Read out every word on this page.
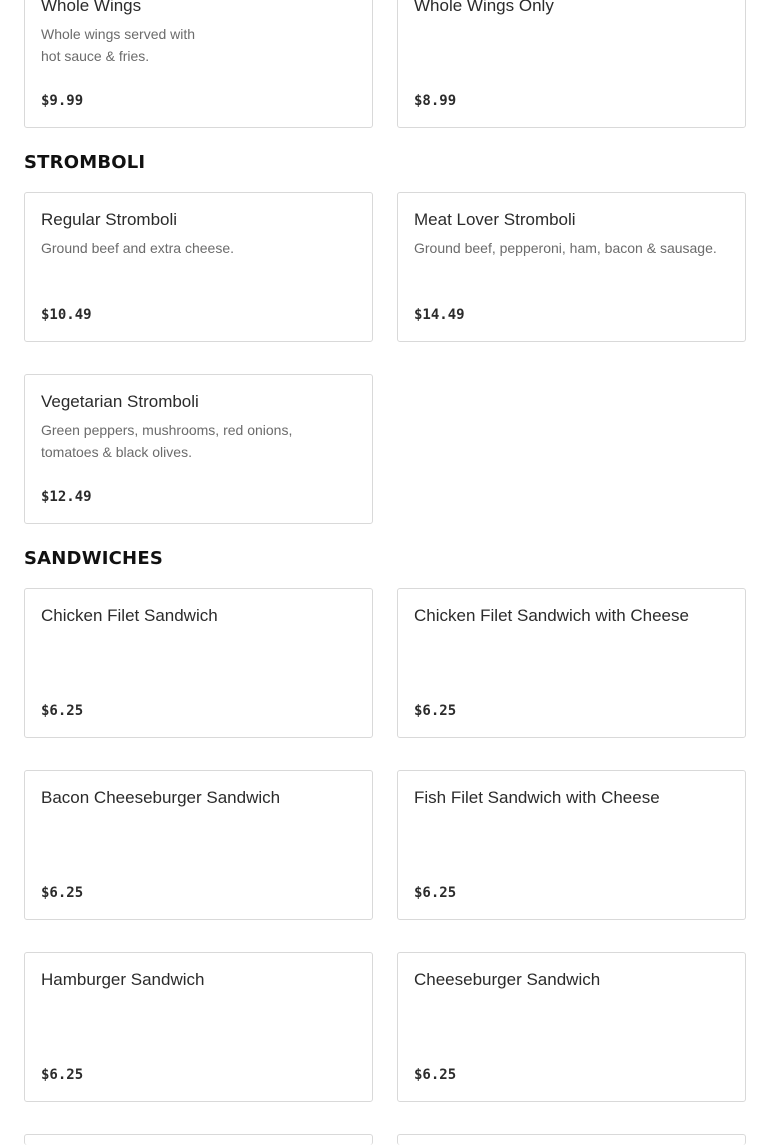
Whole Wings
Whole wings served with hot sauce & fries.
$9.99
Whole Wings Only
$8.99
STROMBOLI
Regular Stromboli
Ground beef and extra cheese.
$10.49
Meat Lover Stromboli
Ground beef, pepperoni, ham, bacon & sausage.
$14.49
Vegetarian Stromboli
Green peppers, mushrooms, red onions, tomatoes & black olives.
$12.49
SANDWICHES
Chicken Filet Sandwich
$6.25
Chicken Filet Sandwich with Cheese
$6.25
Bacon Cheeseburger Sandwich
$6.25
Fish Filet Sandwich with Cheese
$6.25
Hamburger Sandwich
$6.25
Cheeseburger Sandwich
$6.25
